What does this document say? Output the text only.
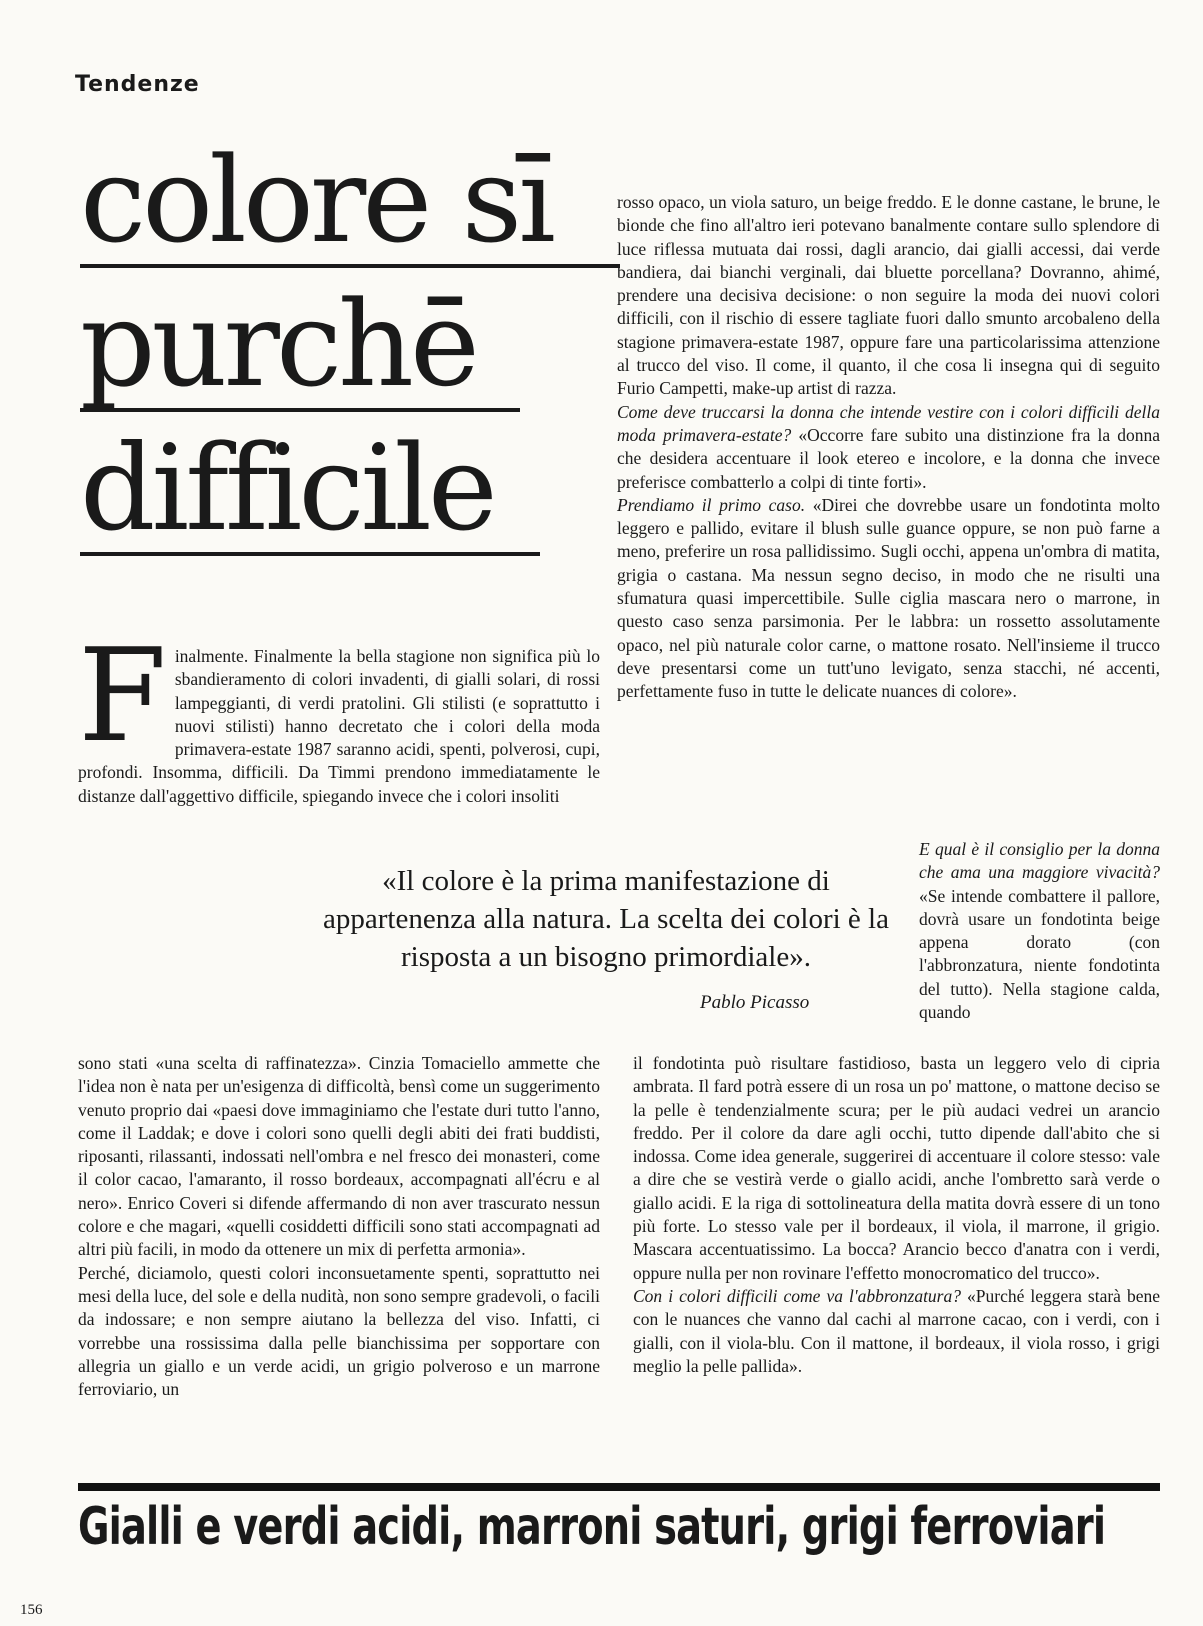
Tendenze
colore sī
purchē
difficile
F inalmente. Finalmente la bella stagione non significa più lo sbandieramento di colori invadenti, di gialli solari, di rossi lampeggianti, di verdi pratolini. Gli stilisti (e soprattutto i nuovi stilisti) hanno decretato che i colori della moda primavera-estate 1987 saranno acidi, spenti, polverosi, cupi, profondi. Insomma, difficili. Da Timmi prendono immediatamente le distanze dall'aggettivo difficile, spiegando invece che i colori insoliti

rosso opaco, un viola saturo, un beige freddo. E le donne castane, le brune, le bionde che fino all'altro ieri potevano banalmente contare sullo splendore di luce riflessa mutuata dai rossi, dagli arancio, dai gialli accessi, dai verde bandiera, dai bianchi verginali, dai bluette porcellana? Dovranno, ahimé, prendere una decisiva decisione: o non seguire la moda dei nuovi colori difficili, con il rischio di essere tagliate fuori dallo smunto arcobaleno della stagione primavera-estate 1987, oppure fare una particolarissima attenzione al trucco del viso. Il come, il quanto, il che cosa li insegna qui di seguito Furio Campetti, make-up artist di razza.

Come deve truccarsi la donna che intende vestire con i colori difficili della moda primavera-estate? «Occorre fare subito una distinzione fra la donna che desidera accentuare il look etereo e incolore, e la donna che invece preferisce combatterlo a colpi di tinte forti».

Prendiamo il primo caso. «Direi che dovrebbe usare un fondotinta molto leggero e pallido, evitare il blush sulle guance oppure, se non può farne a meno, preferire un rosa pallidissimo. Sugli occhi, appena un'ombra di matita, grigia o castana. Ma nessun segno deciso, in modo che ne risulti una sfumatura quasi impercettibile. Sulle ciglia mascara nero o marrone, in questo caso senza parsimonia. Per le labbra: un rossetto assolutamente opaco, nel più naturale color carne, o mattone rosato. Nell'insieme il trucco deve presentarsi come un tutt'uno levigato, senza stacchi, né accenti, perfettamente fuso in tutte le delicate nuances di colore».

E qual è il consiglio per la donna che ama una maggiore vivacità? «Se intende combattere il pallore, dovrà usare un fondotinta beige appena dorato (con l'abbronzatura, niente fondotinta del tutto). Nella stagione calda, quando

«Il colore è la prima manifestazione di appartenenza alla natura. La scelta dei colori è la risposta a un bisogno primordiale».
Pablo Picasso

sono stati «una scelta di raffinatezza». Cinzia Tomaciello ammette che l'idea non è nata per un'esigenza di difficoltà, bensì come un suggerimento venuto proprio dai «paesi dove immaginiamo che l'estate duri tutto l'anno, come il Laddak; e dove i colori sono quelli degli abiti dei frati buddisti, riposanti, rilassanti, indossati nell'ombra e nel fresco dei monasteri, come il color cacao, l'amaranto, il rosso bordeaux, accompagnati all'écru e al nero». Enrico Coveri si difende affermando di non aver trascurato nessun colore e che magari, «quelli cosiddetti difficili sono stati accompagnati ad altri più facili, in modo da ottenere un mix di perfetta armonia».

Perché, diciamolo, questi colori inconsuetamente spenti, soprattutto nei mesi della luce, del sole e della nudità, non sono sempre gradevoli, o facili da indossare; e non sempre aiutano la bellezza del viso. Infatti, ci vorrebbe una rossissima dalla pelle bianchissima per sopportare con allegria un giallo e un verde acidi, un grigio polveroso e un marrone ferroviario, un

il fondotinta può risultare fastidioso, basta un leggero velo di cipria ambrata. Il fard potrà essere di un rosa un po' mattone, o mattone deciso se la pelle è tendenzialmente scura; per le più audaci vedrei un arancio freddo. Per il colore da dare agli occhi, tutto dipende dall'abito che si indossa. Come idea generale, suggerirei di accentuare il colore stesso: vale a dire che se vestirà verde o giallo acidi, anche l'ombretto sarà verde o giallo acidi. E la riga di sottolineatura della matita dovrà essere di un tono più forte. Lo stesso vale per il bordeaux, il viola, il marrone, il grigio. Mascara accentuatissimo. La bocca? Arancio becco d'anatra con i verdi, oppure nulla per non rovinare l'effetto monocromatico del trucco».

Con i colori difficili come va l'abbronzatura? «Purché leggera starà bene con le nuances che vanno dal cachi al marrone cacao, con i verdi, con i gialli, con il viola-blu. Con il mattone, il bordeaux, il viola rosso, i grigi meglio la pelle pallida».

Gialli e verdi acidi, marroni saturi, grigi ferroviari
156
